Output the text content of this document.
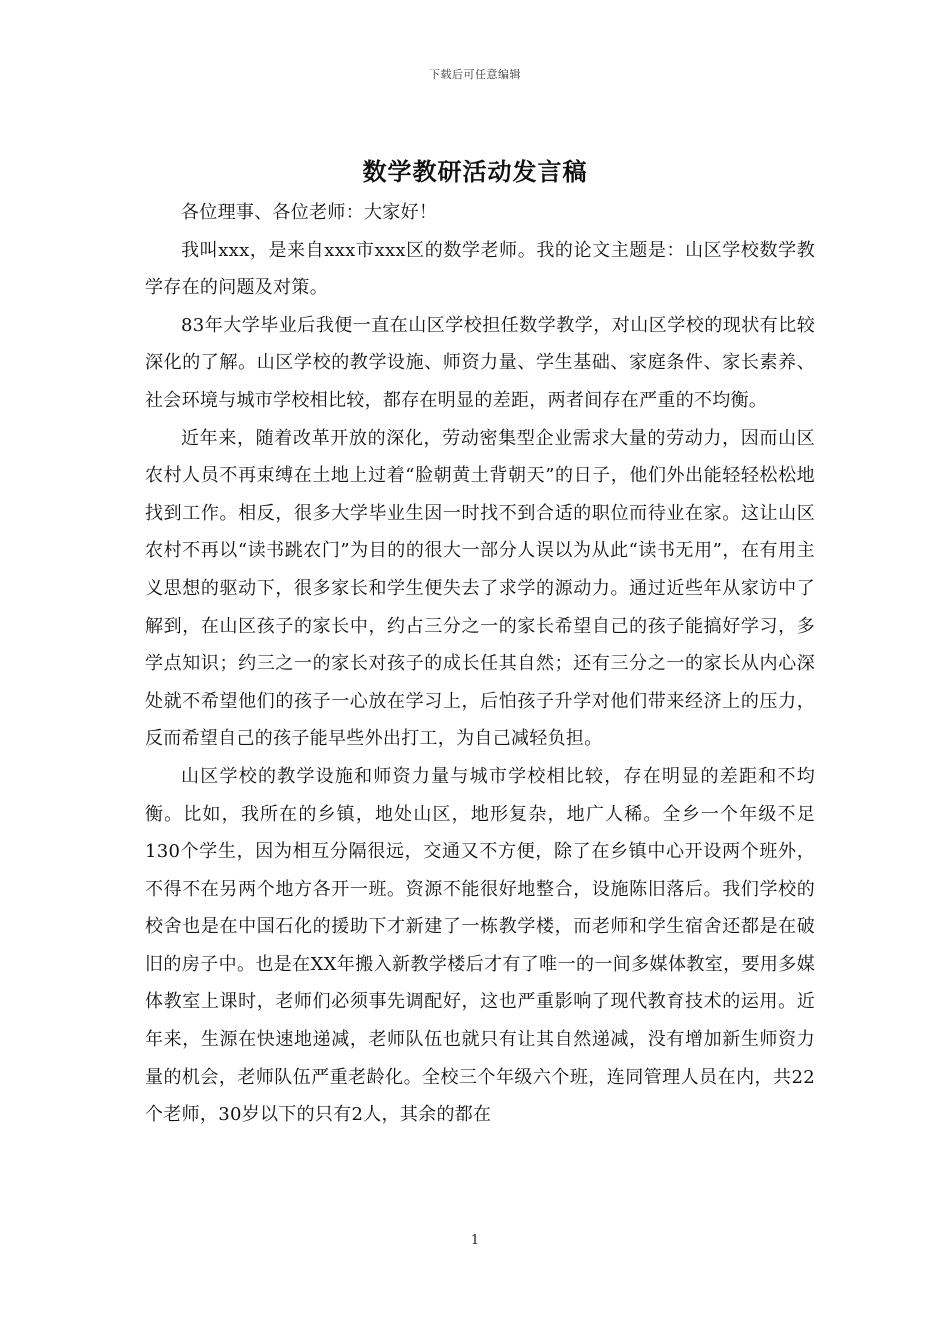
下载后可任意编辑
数学教研活动发言稿

各位理事、各位老师：大家好！

我叫xxx，是来自xxx市xxx区的数学老师。我的论文主题是：山区学校数学教学存在的问题及对策。

83年大学毕业后我便一直在山区学校担任数学教学，对山区学校的现状有比较深化的了解。山区学校的教学设施、师资力量、学生基础、家庭条件、家长素养、社会环境与城市学校相比较，都存在明显的差距，两者间存在严重的不均衡。

近年来，随着改革开放的深化，劳动密集型企业需求大量的劳动力，因而山区农村人员不再束缚在土地上过着“脸朝黄土背朝天”的日子，他们外出能轻轻松松地找到工作。相反，很多大学毕业生因一时找不到合适的职位而待业在家。这让山区农村不再以“读书跳农门”为目的的很大一部分人误以为从此“读书无用”，在有用主义思想的驱动下，很多家长和学生便失去了求学的源动力。通过近些年从家访中了解到，在山区孩子的家长中，约占三分之一的家长希望自己的孩子能搞好学习，多学点知识；约三之一的家长对孩子的成长任其自然；还有三分之一的家长从内心深处就不希望他们的孩子一心放在学习上，后怕孩子升学对他们带来经济上的压力，反而希望自己的孩子能早些外出打工，为自己减轻负担。

山区学校的教学设施和师资力量与城市学校相比较，存在明显的差距和不均衡。比如，我所在的乡镇，地处山区，地形复杂，地广人稀。全乡一个年级不足130个学生，因为相互分隔很远，交通又不方便，除了在乡镇中心开设两个班外，不得不在另两个地方各开一班。资源不能很好地整合，设施陈旧落后。我们学校的校舍也是在中国石化的援助下才新建了一栋教学楼，而老师和学生宿舍还都是在破旧的房子中。也是在XX年搬入新教学楼后才有了唯一的一间多媒体教室，要用多媒体教室上课时，老师们必须事先调配好，这也严重影响了现代教育技术的运用。近年来，生源在快速地递减，老师队伍也就只有让其自然递减，没有增加新生师资力量的机会，老师队伍严重老龄化。全校三个年级六个班，连同管理人员在内，共22个老师，30岁以下的只有2人，其余的都在

1
